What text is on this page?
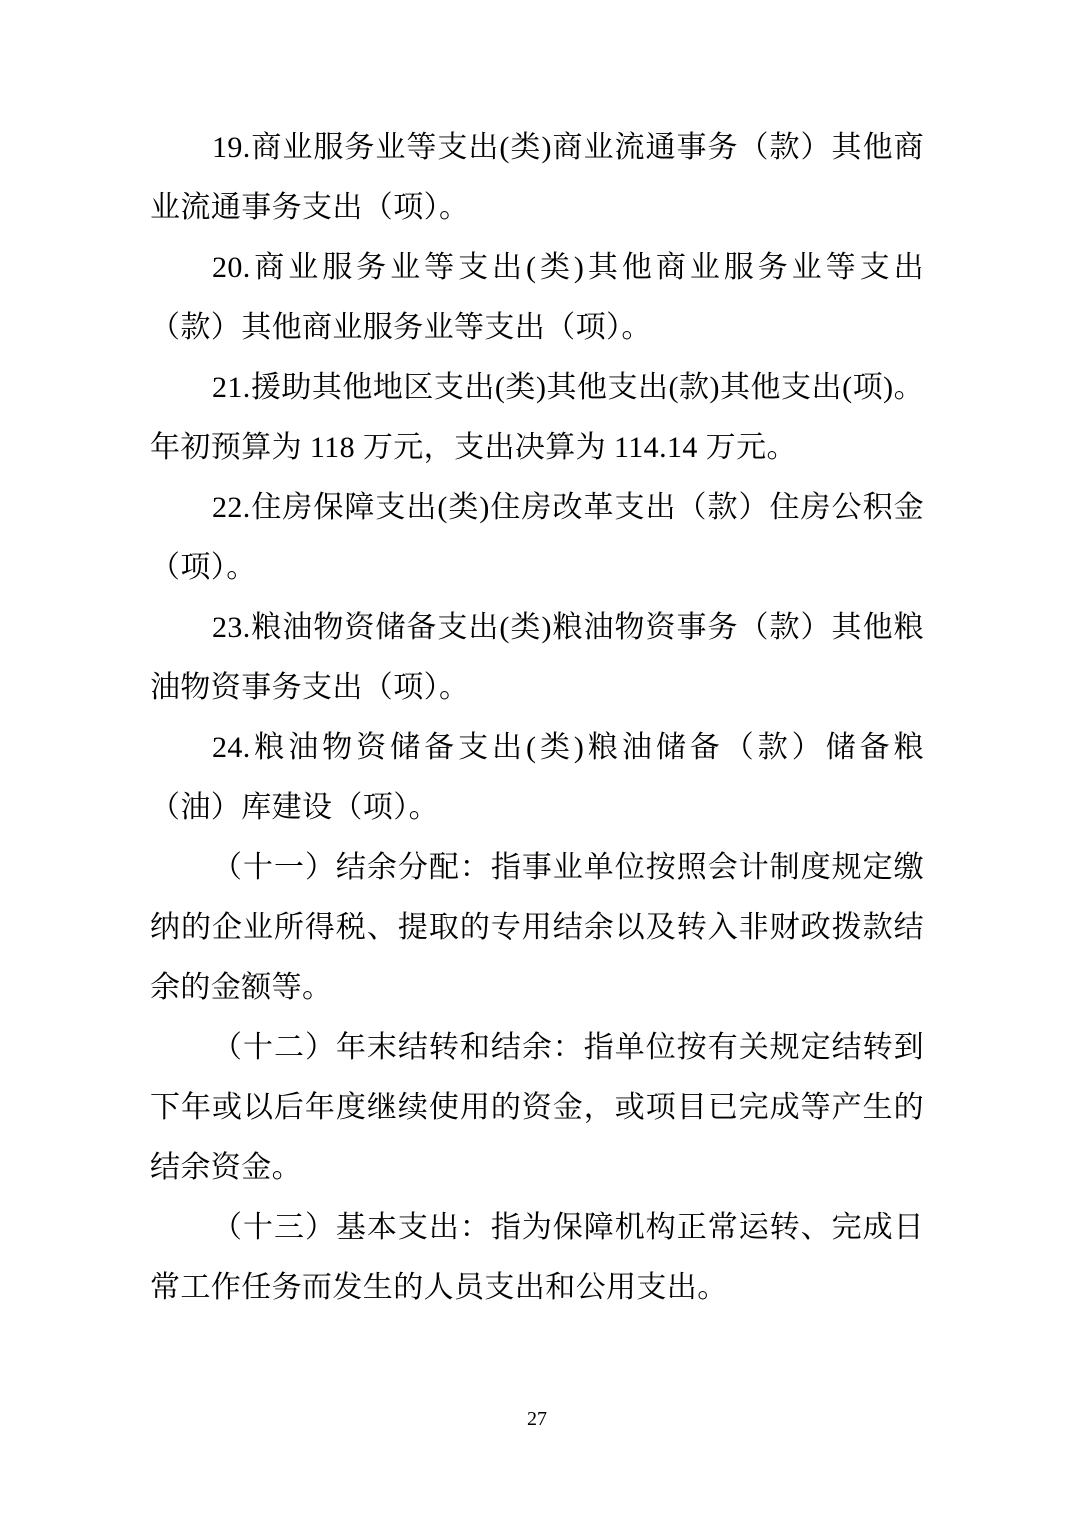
19.商业服务业等支出(类)商业流通事务（款）其他商业流通事务支出（项）。

20.商业服务业等支出(类)其他商业服务业等支出（款）其他商业服务业等支出（项）。

21.援助其他地区支出(类)其他支出(款)其他支出(项)。年初预算为 118 万元，支出决算为 114.14 万元。

22.住房保障支出(类)住房改革支出（款）住房公积金（项）。

23.粮油物资储备支出(类)粮油物资事务（款）其他粮油物资事务支出（项）。

24.粮油物资储备支出(类)粮油储备（款）储备粮（油）库建设（项）。

（十一）结余分配：指事业单位按照会计制度规定缴纳的企业所得税、提取的专用结余以及转入非财政拨款结余的金额等。

（十二）年末结转和结余：指单位按有关规定结转到下年或以后年度继续使用的资金，或项目已完成等产生的结余资金。

（十三）基本支出：指为保障机构正常运转、完成日常工作任务而发生的人员支出和公用支出。

27
